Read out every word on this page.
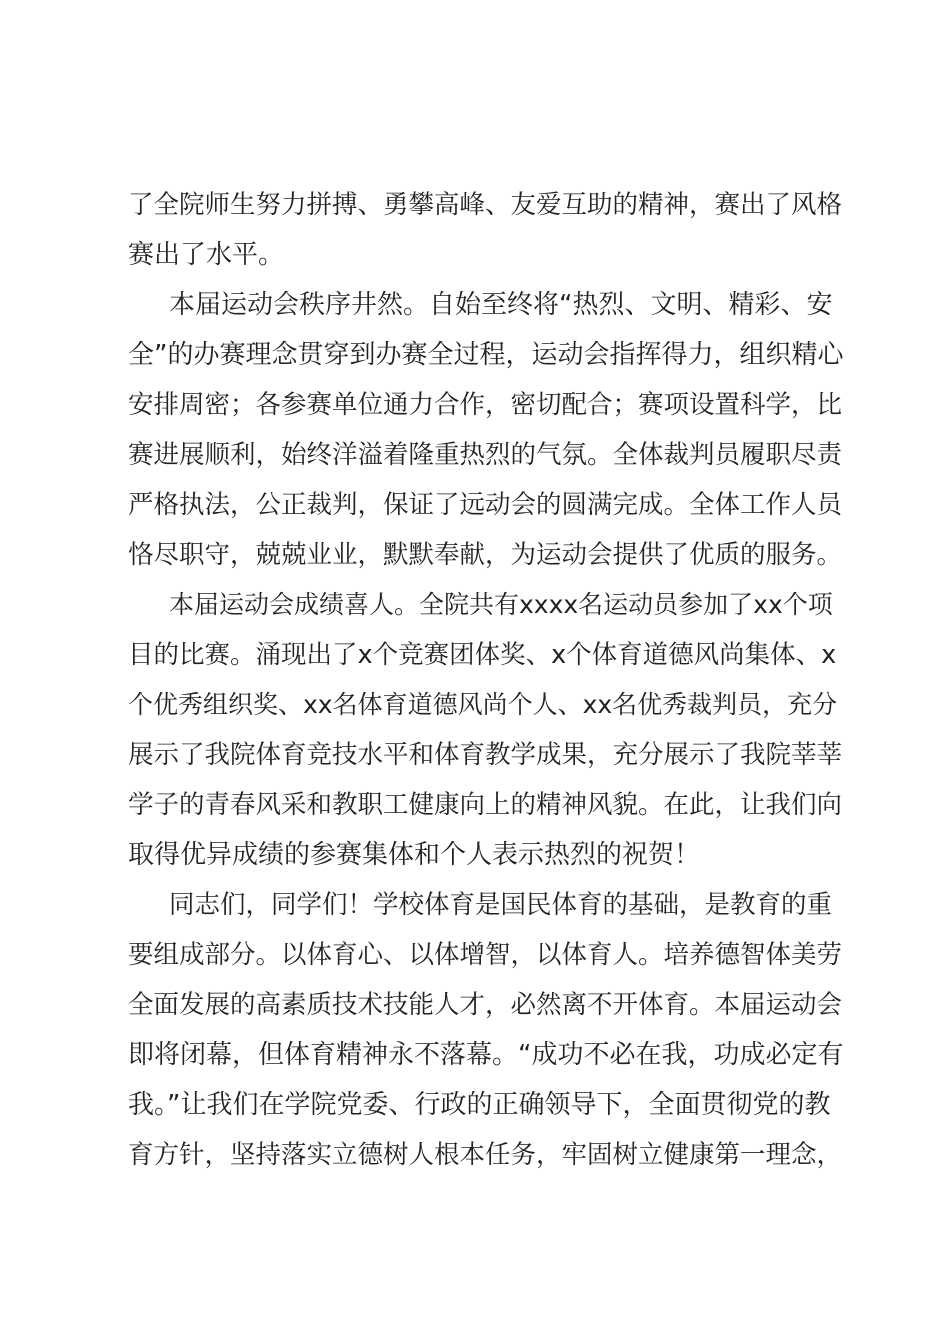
了全院师生努力拼搏、勇攀高峰、友爱互助的精神，赛出了风格
赛出了水平。
本届运动会秩序井然。自始至终将“热烈、文明、精彩、安
全”的办赛理念贯穿到办赛全过程，运动会指挥得力，组织精心
安排周密；各参赛单位通力合作，密切配合；赛项设置科学，比
赛进展顺利，始终洋溢着隆重热烈的气氛。全体裁判员履职尽责
严格执法，公正裁判，保证了远动会的圆满完成。全体工作人员
恪尽职守，兢兢业业，默默奉献，为运动会提供了优质的服务。
本届运动会成绩喜人。全院共有xxxx名运动员参加了xx个项
目的比赛。涌现出了x个竞赛团体奖、x个体育道德风尚集体、x
个优秀组织奖、xx名体育道德风尚个人、xx名优秀裁判员，充分
展示了我院体育竞技水平和体育教学成果，充分展示了我院莘莘
学子的青春风采和教职工健康向上的精神风貌。在此，让我们向
取得优异成绩的参赛集体和个人表示热烈的祝贺！
同志们，同学们！学校体育是国民体育的基础，是教育的重
要组成部分。以体育心、以体增智，以体育人。培养德智体美劳
全面发展的高素质技术技能人才，必然离不开体育。本届运动会
即将闭幕，但体育精神永不落幕。“成功不必在我，功成必定有
我。”让我们在学院党委、行政的正确领导下，全面贯彻党的教
育方针，坚持落实立德树人根本任务，牢固树立健康第一理念，
